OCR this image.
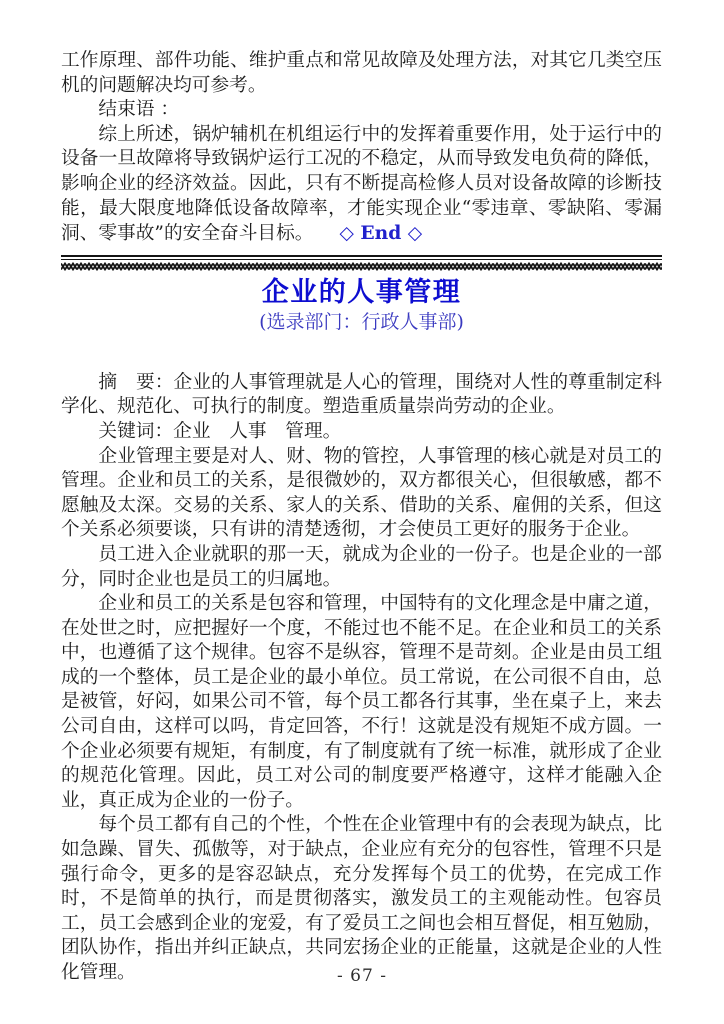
工作原理、部件功能、维护重点和常见故障及处理方法，对其它几类空压机的问题解决均可参考。

结束语 ：

综上所述，锅炉辅机在机组运行中的发挥着重要作用，处于运行中的设备一旦故障将导致锅炉运行工况的不稳定，从而导致发电负荷的降低，影响企业的经济效益。因此，只有不断提高检修人员对设备故障的诊断技能，最大限度地降低设备故障率，才能实现企业“零违章、零缺陷、零漏洞、零事故”的安全奋斗目标。 ◇ End ◇

企业的人事管理
(选录部门：行政人事部)

摘　要：企业的人事管理就是人心的管理，围绕对人性的尊重制定科学化、规范化、可执行的制度。塑造重质量崇尚劳动的企业。

关键词：企业　人事　管理。

企业管理主要是对人、财、物的管控，人事管理的核心就是对员工的管理。企业和员工的关系，是很微妙的，双方都很关心，但很敏感，都不愿触及太深。交易的关系、家人的关系、借助的关系、雇佣的关系，但这个关系必须要谈，只有讲的清楚透彻，才会使员工更好的服务于企业。

员工进入企业就职的那一天，就成为企业的一份子。也是企业的一部分，同时企业也是员工的归属地。

企业和员工的关系是包容和管理，中国特有的文化理念是中庸之道，在处世之时，应把握好一个度，不能过也不能不足。在企业和员工的关系中，也遵循了这个规律。包容不是纵容，管理不是苛刻。企业是由员工组成的一个整体，员工是企业的最小单位。员工常说，在公司很不自由，总是被管，好闷，如果公司不管，每个员工都各行其事，坐在桌子上，来去公司自由，这样可以吗，肯定回答，不行！这就是没有规矩不成方圆。一个企业必须要有规矩，有制度，有了制度就有了统一标准，就形成了企业的规范化管理。因此，员工对公司的制度要严格遵守，这样才能融入企业，真正成为企业的一份子。

每个员工都有自己的个性，个性在企业管理中有的会表现为缺点，比如急躁、冒失、孤傲等，对于缺点，企业应有充分的包容性，管理不只是强行命令，更多的是容忍缺点，充分发挥每个员工的优势，在完成工作时，不是简单的执行，而是贯彻落实，激发员工的主观能动性。包容员工，员工会感到企业的宠爱，有了爱员工之间也会相互督促，相互勉励，团队协作，指出并纠正缺点，共同宏扬企业的正能量，这就是企业的人性化管理。	- 67 -
